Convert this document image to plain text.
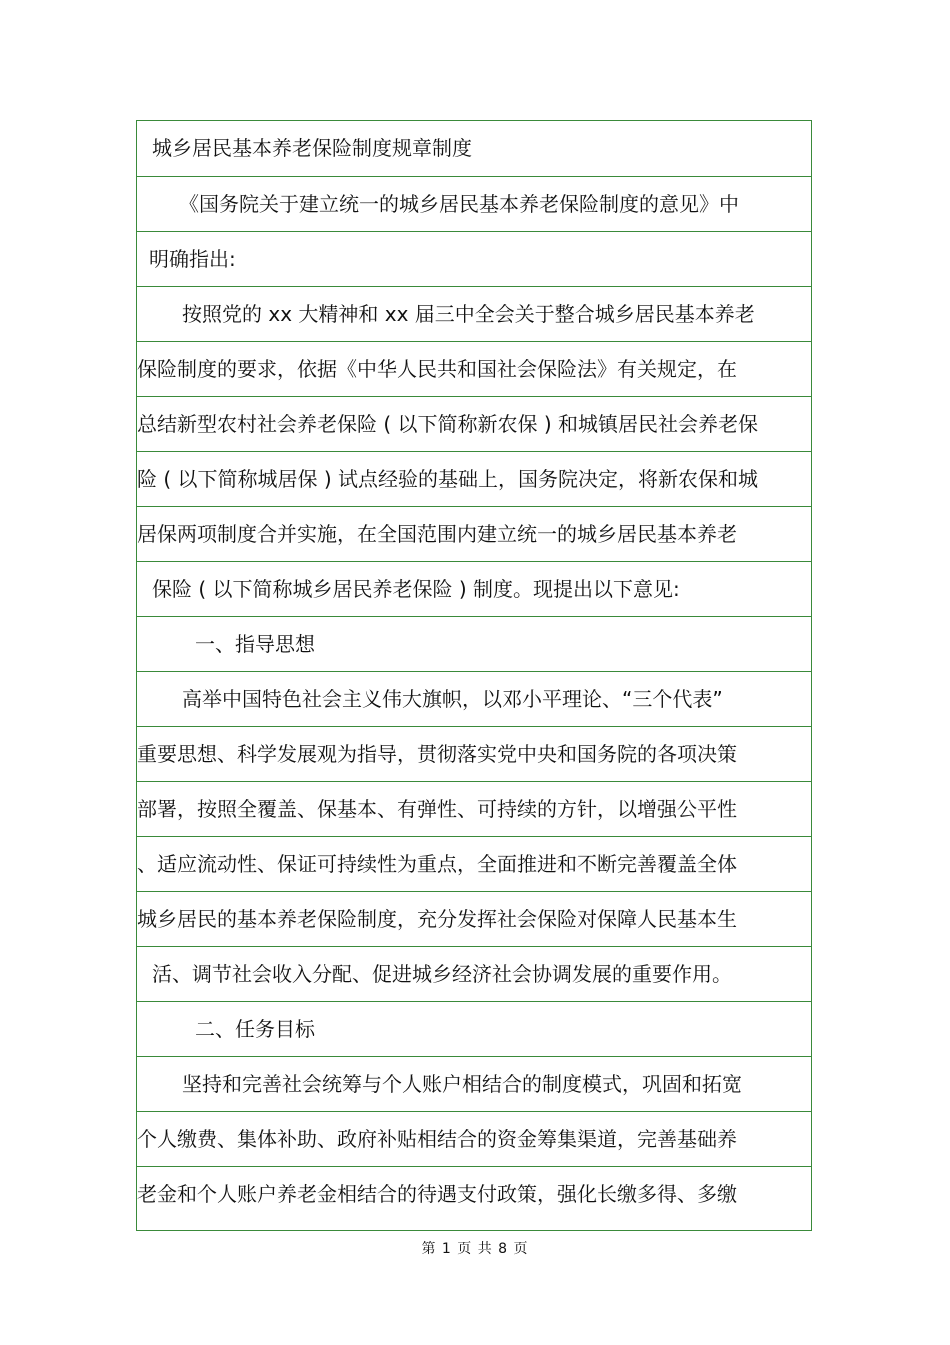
城乡居民基本养老保险制度规章制度
《国务院关于建立统一的城乡居民基本养老保险制度的意见》中
明确指出:
按照党的 xx 大精神和 xx 届三中全会关于整合城乡居民基本养老
保险制度的要求，依据《中华人民共和国社会保险法》有关规定，在
总结新型农村社会养老保险 ( 以下简称新农保 ) 和城镇居民社会养老保
险 ( 以下简称城居保 ) 试点经验的基础上，国务院决定，将新农保和城
居保两项制度合并实施，在全国范围内建立统一的城乡居民基本养老
保险 ( 以下简称城乡居民养老保险 ) 制度。现提出以下意见:
一、指导思想
高举中国特色社会主义伟大旗帜，以邓小平理论、“三个代表”
重要思想、科学发展观为指导，贯彻落实党中央和国务院的各项决策
部署，按照全覆盖、保基本、有弹性、可持续的方针，以增强公平性
、适应流动性、保证可持续性为重点，全面推进和不断完善覆盖全体
城乡居民的基本养老保险制度，充分发挥社会保险对保障人民基本生
活、调节社会收入分配、促进城乡经济社会协调发展的重要作用。
二、任务目标
坚持和完善社会统筹与个人账户相结合的制度模式，巩固和拓宽
个人缴费、集体补助、政府补贴相结合的资金筹集渠道，完善基础养
老金和个人账户养老金相结合的待遇支付政策，强化长缴多得、多缴
第 1 页 共 8 页
